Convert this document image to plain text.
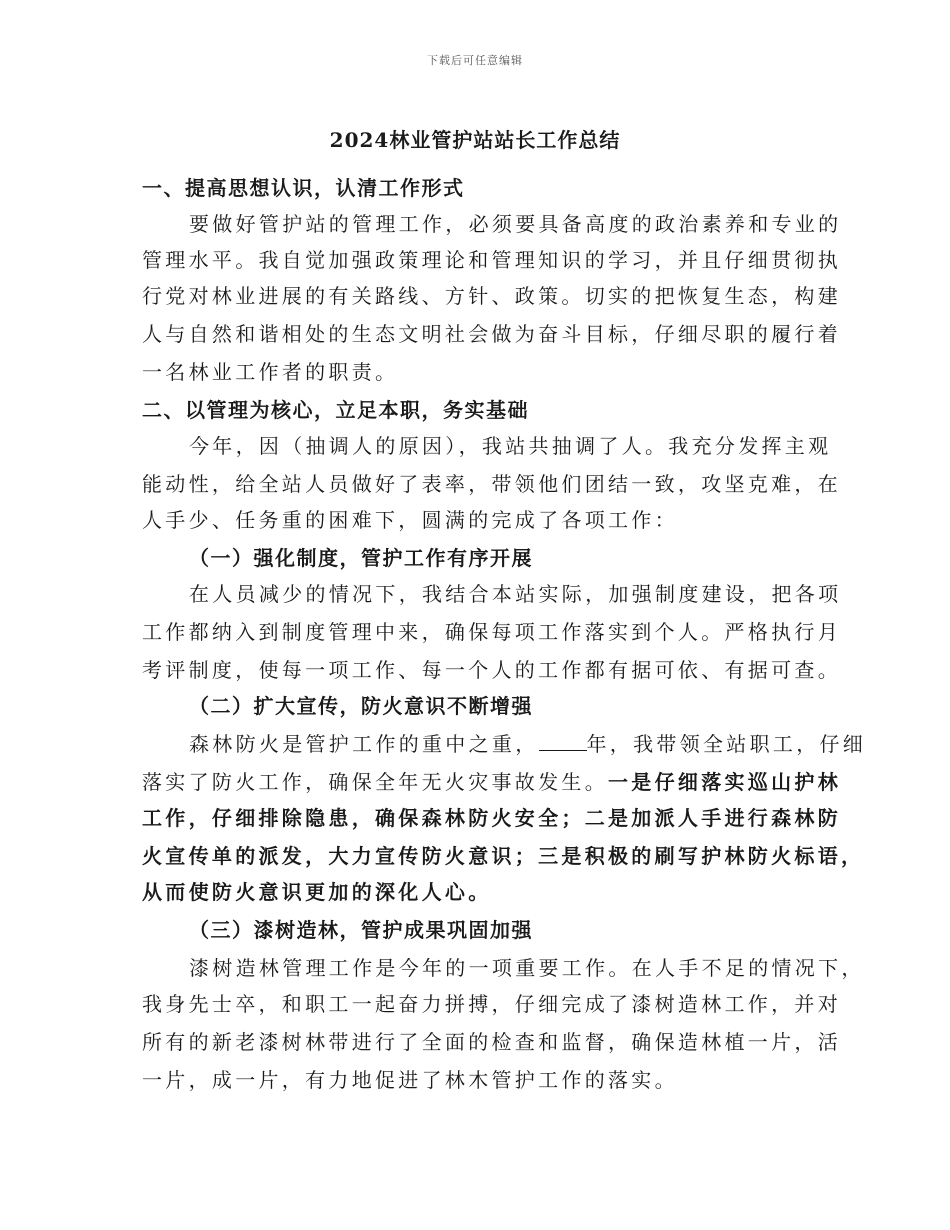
下载后可任意编辑
2024林业管护站站长工作总结
一、提高思想认识，认清工作形式
要做好管护站的管理工作，必须要具备高度的政治素养和专业的
管理水平。我自觉加强政策理论和管理知识的学习，并且仔细贯彻执
行党对林业进展的有关路线、方针、政策。切实的把恢复生态，构建
人与自然和谐相处的生态文明社会做为奋斗目标，仔细尽职的履行着
一名林业工作者的职责。
二、以管理为核心，立足本职，务实基础
今年，因（抽调人的原因），我站共抽调了人。我充分发挥主观
能动性，给全站人员做好了表率，带领他们团结一致，攻坚克难，在
人手少、任务重的困难下，圆满的完成了各项工作：
（一）强化制度，管护工作有序开展
在人员减少的情况下，我结合本站实际，加强制度建设，把各项
工作都纳入到制度管理中来，确保每项工作落实到个人。严格执行月
考评制度，使每一项工作、每一个人的工作都有据可依、有据可查。
（二）扩大宣传，防火意识不断增强
森林防火是管护工作的重中之重， 年，我带领全站职工，仔细
落实了防火工作，确保全年无火灾事故发生。一是仔细落实巡山护林
工作，仔细排除隐患，确保森林防火安全；二是加派人手进行森林防
火宣传单的派发，大力宣传防火意识；三是积极的刷写护林防火标语，
从而使防火意识更加的深化人心。
（三）漆树造林，管护成果巩固加强
漆树造林管理工作是今年的一项重要工作。在人手不足的情况下，
我身先士卒，和职工一起奋力拼搏，仔细完成了漆树造林工作，并对
所有的新老漆树林带进行了全面的检查和监督，确保造林植一片，活
一片，成一片，有力地促进了林木管护工作的落实。
